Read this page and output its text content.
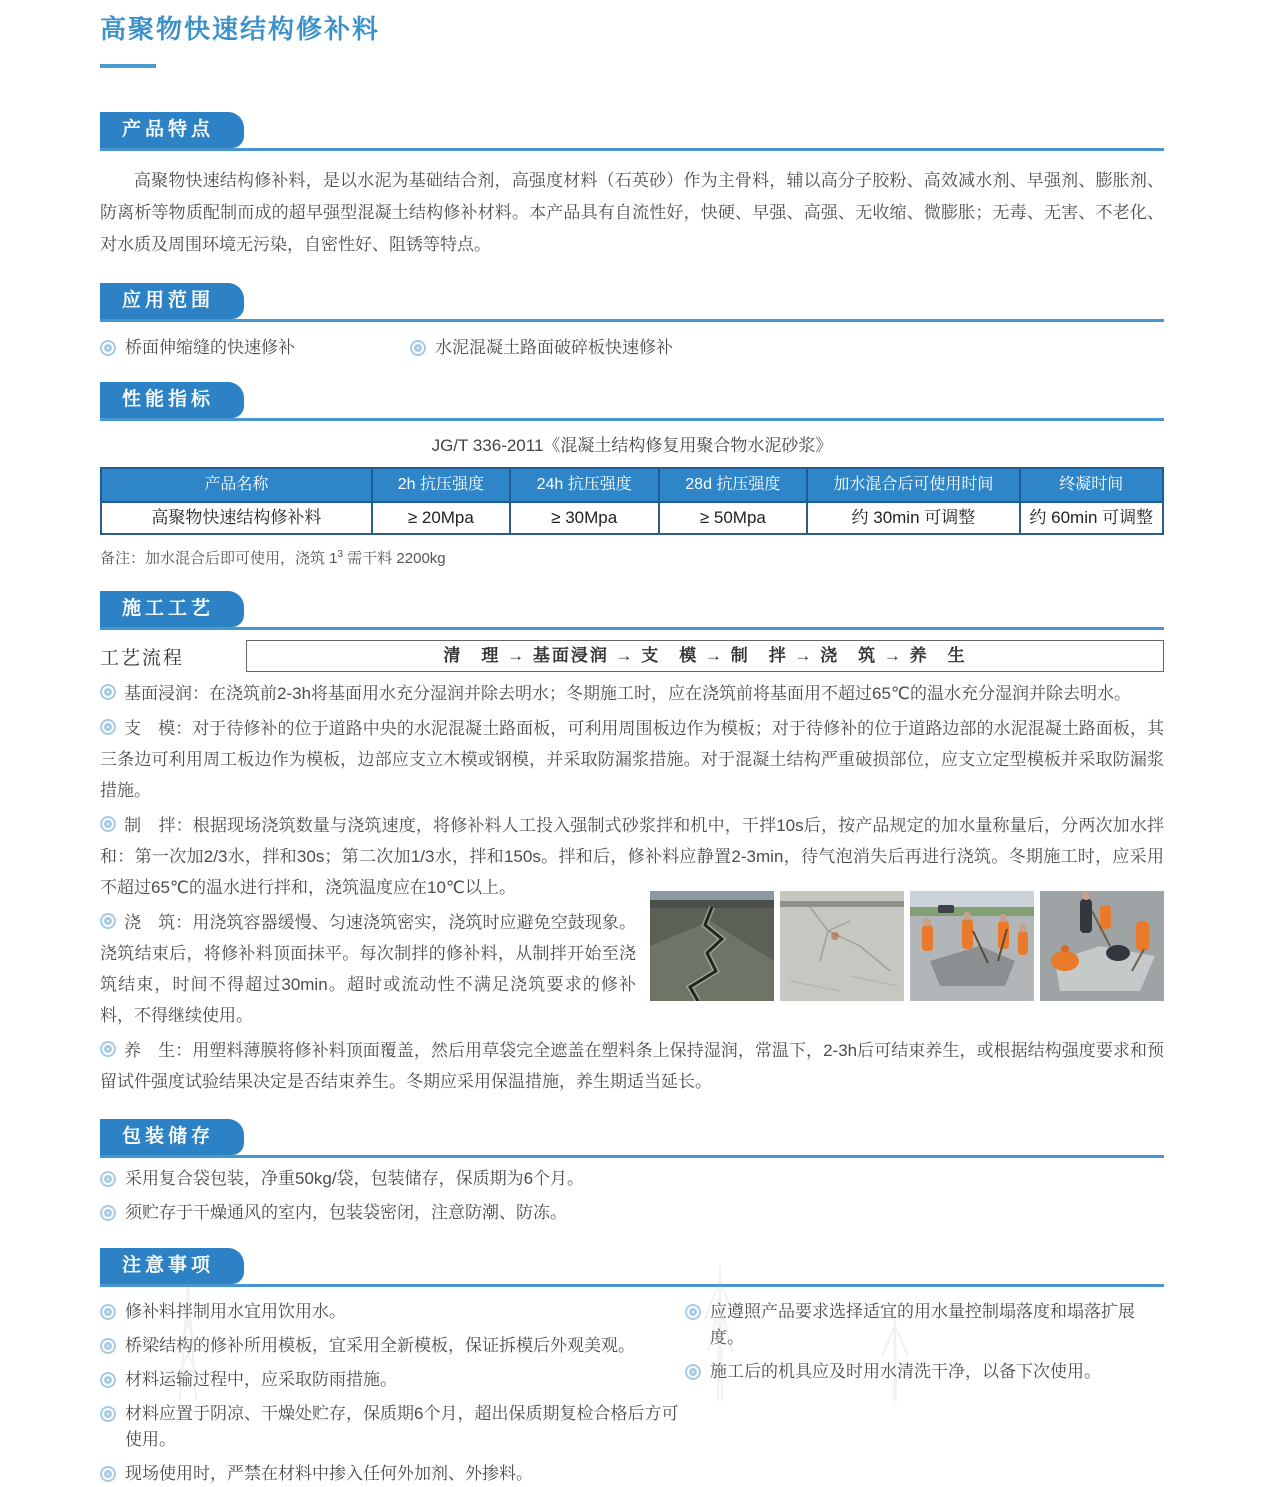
高聚物快速结构修补料
产品特点

高聚物快速结构修补料，是以水泥为基础结合剂，高强度材料（石英砂）作为主骨料，辅以高分子胶粉、高效减水剂、早强剂、膨胀剂、防离析等物质配制而成的超早强型混凝土结构修补材料。本产品具有自流性好，快硬、早强、高强、无收缩、微膨胀；无毒、无害、不老化、对水质及周围环境无污染，自密性好、阻锈等特点。

应用范围
桥面伸缩缝的快速修补	水泥混凝土路面破碎板快速修补
性能指标
JG/T 336-2011《混凝土结构修复用聚合物水泥砂浆》
产品名称	2h 抗压强度	24h 抗压强度	28d 抗压强度	加水混合后可使用时间	终凝时间
高聚物快速结构修补料	≥ 20Mpa	≥ 30Mpa	≥ 50Mpa	约 30min 可调整	约 60min 可调整
备注：加水混合后即可使用，浇筑 $1^3$ 需干料 2200kg
施工工艺
工艺流程	清　理 → 基面浸润 → 支　模 → 制　拌 → 浇　筑 → 养　生

基面浸润：在浇筑前2-3h将基面用水充分湿润并除去明水；冬期施工时，应在浇筑前将基面用不超过65℃的温水充分湿润并除去明水。

支　模：对于待修补的位于道路中央的水泥混凝土路面板，可利用周围板边作为模板；对于待修补的位于道路边部的水泥混凝土路面板，其三条边可利用周工板边作为模板，边部应支立木模或钢模，并采取防漏浆措施。对于混凝土结构严重破损部位，应支立定型模板并采取防漏浆措施。

制　拌：根据现场浇筑数量与浇筑速度，将修补料人工投入强制式砂浆拌和机中，干拌10s后，按产品规定的加水量称量后，分两次加水拌和：第一次加2/3水，拌和30s；第二次加1/3水，拌和150s。拌和后，修补料应静置2-3min，待气泡消失后再进行浇筑。冬期施工时，应采用不超过65℃的温水进行拌和，浇筑温度应在10℃以上。

浇　筑：用浇筑容器缓慢、匀速浇筑密实，浇筑时应避免空鼓现象。浇筑结束后，将修补料顶面抹平。每次制拌的修补料，从制拌开始至浇筑结束，时间不得超过30min。超时或流动性不满足浇筑要求的修补料，不得继续使用。

养　生：用塑料薄膜将修补料顶面覆盖，然后用草袋完全遮盖在塑料条上保持湿润，常温下，2-3h后可结束养生，或根据结构强度要求和预留试件强度试验结果决定是否结束养生。冬期应采用保温措施，养生期适当延长。

包装储存
采用复合袋包装，净重50kg/袋，包装储存，保质期为6个月。
须贮存于干燥通风的室内，包装袋密闭，注意防潮、防冻。
注意事项
修补料拌制用水宜用饮用水。
桥梁结构的修补所用模板，宜采用全新模板，保证拆模后外观美观。
材料运输过程中，应采取防雨措施。
材料应置于阴凉、干燥处贮存，保质期6个月，超出保质期复检合格后方可使用。
现场使用时，严禁在材料中掺入任何外加剂、外掺料。
应遵照产品要求选择适宜的用水量控制塌落度和塌落扩展度。
施工后的机具应及时用水清洗干净，以备下次使用。
